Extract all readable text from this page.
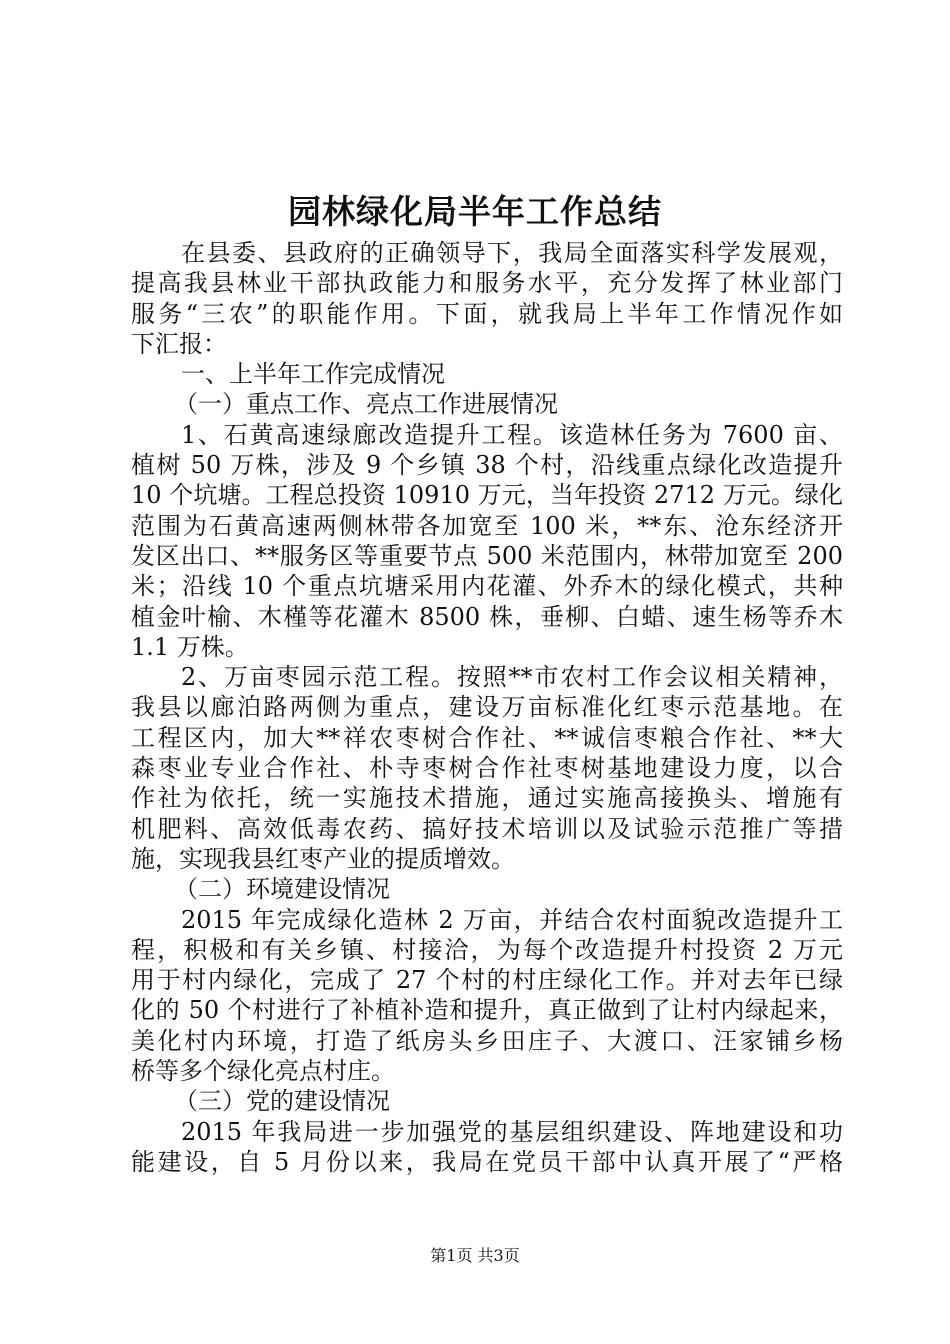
园林绿化局半年工作总结
在县委、县政府的正确领导下，我局全面落实科学发展观，
提高我县林业干部执政能力和服务水平，充分发挥了林业部门
服务“三农”的职能作用。下面，就我局上半年工作情况作如
下汇报：
一、上半年工作完成情况
（一）重点工作、亮点工作进展情况
1、石黄高速绿廊改造提升工程。该造林任务为 7600 亩、
植树 50 万株，涉及 9 个乡镇 38 个村，沿线重点绿化改造提升
10 个坑塘。工程总投资 10910 万元，当年投资 2712 万元。绿化
范围为石黄高速两侧林带各加宽至 100 米，**东、沧东经济开
发区出口、**服务区等重要节点 500 米范围内，林带加宽至 200
米；沿线 10 个重点坑塘采用内花灌、外乔木的绿化模式，共种
植金叶榆、木槿等花灌木 8500 株，垂柳、白蜡、速生杨等乔木
1.1 万株。
2、万亩枣园示范工程。按照**市农村工作会议相关精神，
我县以廊泊路两侧为重点，建设万亩标准化红枣示范基地。在
工程区内，加大**祥农枣树合作社、**诚信枣粮合作社、**大
森枣业专业合作社、朴寺枣树合作社枣树基地建设力度，以合
作社为依托，统一实施技术措施，通过实施高接换头、增施有
机肥料、高效低毒农药、搞好技术培训以及试验示范推广等措
施，实现我县红枣产业的提质增效。
（二）环境建设情况
2015 年完成绿化造林 2 万亩，并结合农村面貌改造提升工
程，积极和有关乡镇、村接洽，为每个改造提升村投资 2 万元
用于村内绿化，完成了 27 个村的村庄绿化工作。并对去年已绿
化的 50 个村进行了补植补造和提升，真正做到了让村内绿起来，
美化村内环境，打造了纸房头乡田庄子、大渡口、汪家铺乡杨
桥等多个绿化亮点村庄。
（三）党的建设情况
2015 年我局进一步加强党的基层组织建设、阵地建设和功
能建设，自 5 月份以来，我局在党员干部中认真开展了“严格
第1页 共3页
